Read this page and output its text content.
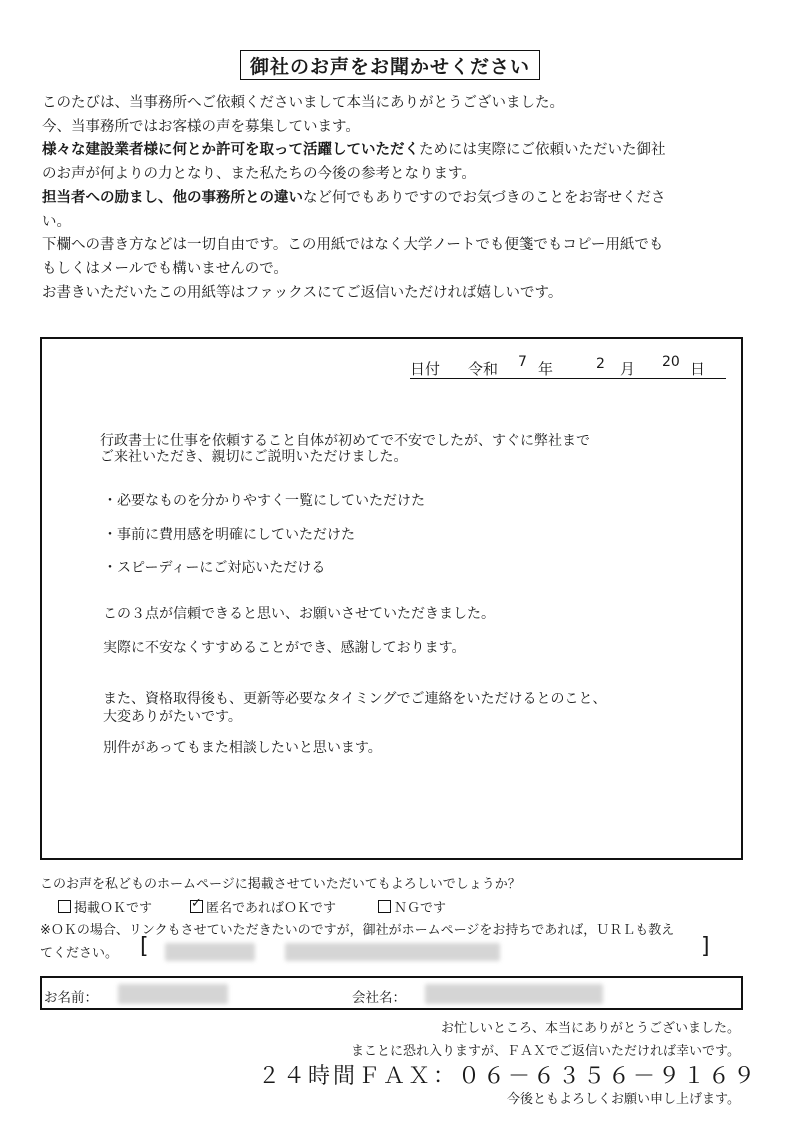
御社のお声をお聞かせください

このたびは、当事務所へご依頼くださいまして本当にありがとうございました。

今、当事務所ではお客様の声を募集しています。

様々な建設業者様に何とか許可を取って活躍していただくためには実際にご依頼いただいた御社

のお声が何よりの力となり、また私たちの今後の参考となります。

担当者への励まし、他の事務所との違いなど何でもありですのでお気づきのことをお寄せくださ

い。

下欄への書き方などは一切自由です。この用紙ではなく大学ノートでも便箋でもコピー用紙でも

もしくはメールでも構いませんので。

お書きいただいたこの用紙等はファックスにてご返信いただければ嬉しいです。

日付 令和 7 年	2 月 20 日
行政書士に仕事を依頼すること自体が初めてで不安でしたが、すぐに弊社まで
ご来社いただき、親切にご説明いただけました。
・必要なものを分かりやすく一覧にしていただけた
・事前に費用感を明確にしていただけた
・スピーディーにご対応いただける
この３点が信頼できると思い、お願いさせていただきました。
実際に不安なくすすめることができ、感謝しております。
また、資格取得後も、更新等必要なタイミングでご連絡をいただけるとのこと、
大変ありがたいです。
別件があってもまた相談したいと思います。
このお声を私どものホームページに掲載させていただいてもよろしいでしょうか？
掲載ＯＫです
✓	匿名であればＯＫです	ＮＧです
※ＯＫの場合、リンクもさせていただきたいのですが，御社がホームページをお持ちであれば，ＵＲＬも教え
てください。 [	]
お名前：	会社名：
お忙しいところ、本当にありがとうございました。
まことに恐れ入りますが、ＦＡＸでご返信いただければ幸いです。
２４時間ＦＡＸ：０６－６３５６－９１６９
今後ともよろしくお願い申し上げます。
